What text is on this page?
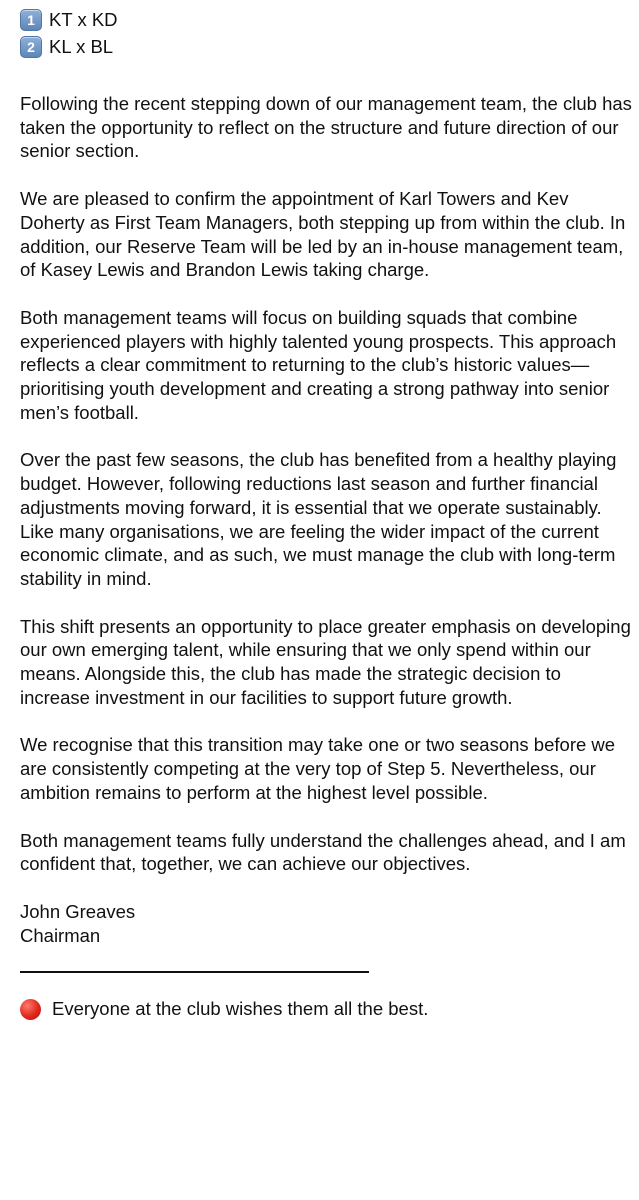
1 KT x KD
2 KL x BL

Following the recent stepping down of our management team, the club has taken the opportunity to reflect on the structure and future direction of our senior section.

We are pleased to confirm the appointment of Karl Towers and Kev Doherty as First Team Managers, both stepping up from within the club. In addition, our Reserve Team will be led by an in-house management team, of Kasey Lewis and Brandon Lewis taking charge.

Both management teams will focus on building squads that combine experienced players with highly talented young prospects. This approach reflects a clear commitment to returning to the club’s historic values—prioritising youth development and creating a strong pathway into senior men’s football.

Over the past few seasons, the club has benefited from a healthy playing budget. However, following reductions last season and further financial adjustments moving forward, it is essential that we operate sustainably. Like many organisations, we are feeling the wider impact of the current economic climate, and as such, we must manage the club with long-term stability in mind.

This shift presents an opportunity to place greater emphasis on developing our own emerging talent, while ensuring that we only spend within our means. Alongside this, the club has made the strategic decision to increase investment in our facilities to support future growth.

We recognise that this transition may take one or two seasons before we are consistently competing at the very top of Step 5. Nevertheless, our ambition remains to perform at the highest level possible.

Both management teams fully understand the challenges ahead, and I am confident that, together, we can achieve our objectives.

John Greaves

Chairman

Everyone at the club wishes them all the best.
